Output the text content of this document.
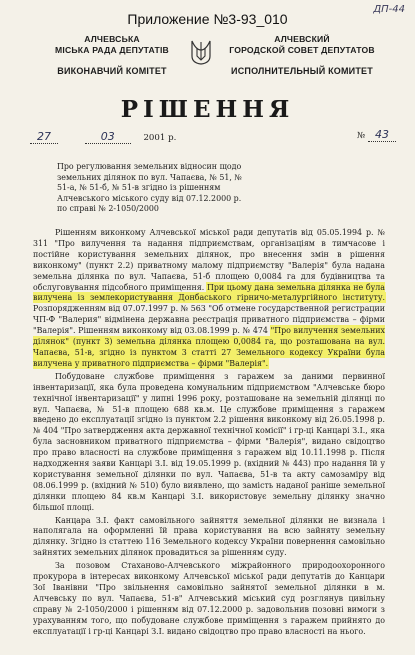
Приложение №3-93_010
ДП-44
АЛЧЕВСЬКА
МІСЬКА РАДА ДЕПУТАТІВ
ВИКОНАВЧИЙ КОМІТЕТ
АЛЧЕВСКИЙ
ГОРОДСКОЙ СОВЕТ ДЕПУТАТОВ
ИСПОЛНИТЕЛЬНЫЙ КОМИТЕТ
РІШЕННЯ
27	03	2001 р.	№ 43
Про регулювання земельних відносин щодо земельних ділянок по вул. Чапаєва, № 51, № 51-а, № 51-б, № 51-в згідно із рішенням Алчевського міського суду від 07.12.2000 р. по справі № 2-1050/2000

Рішенням виконкому Алчевської міської ради депутатів від 05.05.1994 р. № 311 "Про вилучення та надання підприємствам, організаціям в тимчасове і постійне користування земельних ділянок, про внесення змін в рішення виконкому" (пункт 2.2) приватному малому підприємству "Валерія" була надана земельна ділянка по вул. Чапаєва, 51-б площею 0,0084 га для будівництва та обслуговування підсобного приміщення. При цьому дана земельна ділянка не була вилучена із землекористування Донбаського гірничо-металургійного інституту. Розпорядженням від 07.07.1997 р. № 563 "Об отмене государственной регистрации ЧП-Ф "Валерия" відмінена державна реєстрація приватного підприємства – фірми "Валерія". Рішенням виконкому від 03.08.1999 р. № 474 "Про вилучення земельних ділянок" (пункт 3) земельна ділянка площею 0,0084 га, що розташована на вул. Чапаєва, 51-в, згідно із пунктом 3 статті 27 Земельного кодексу України була вилучена у приватного підприємства – фірми "Валерія".

Побудоване службове приміщення з гаражем за даними первинної інвентаризації, яка була проведена комунальним підприємством "Алчевське бюро технічної інвентаризації" у липні 1996 року, розташоване на земельній ділянці по вул. Чапаєва, № 51-в площею 688 кв.м. Це службове приміщення з гаражем введено до експлуатації згідно із пунктом 2.2 рішення виконкому від 26.05.1998 р. № 404 "Про затвердження акта державної технічної комісії" і гр-ці Канцарі З.І., яка була засновником приватного підприємства – фірми "Валерія", видано свідоцтво про право власності на службове приміщення з гаражем від 10.11.1998 р. Після надходження заяви Канцарі З.І. від 19.05.1999 р. (вхідний № 443) про надання їй у користування земельної ділянки по вул. Чапаєва, 51-в та акту самозаміру від 08.06.1999 р. (вхідний № 510) було виявлено, що замість наданої раніше земельної ділянки площею 84 кв.м Канцарі З.І. використовує земельну ділянку значно більшої площі.

Канцара З.І. факт самовільного зайняття земельної ділянки не визнала і наполягала на оформленні їй права користування на всю зайняту земельну ділянку. Згідно із статтею 116 Земельного кодексу України повернення самовільно зайнятих земельних ділянок провадиться за рішенням суду.

За позовом Стаханово-Алчевського міжрайонного природоохоронного прокурора в інтересах виконкому Алчевської міської ради депутатів до Канцари Зої Іванівни "Про звільнення самовільно зайнятої земельної ділянки в м. Алчевську по вул. Чапаєва, 51-в" Алчевський міський суд розглянув цивільну справу № 2-1050/2000 і рішенням від 07.12.2000 р. задовольнив позовні вимоги з урахуванням того, що побудоване службове приміщення з гаражем прийнято до експлуатації і гр-ці Канцарі З.І. видано свідоцтво про право власності на нього.
